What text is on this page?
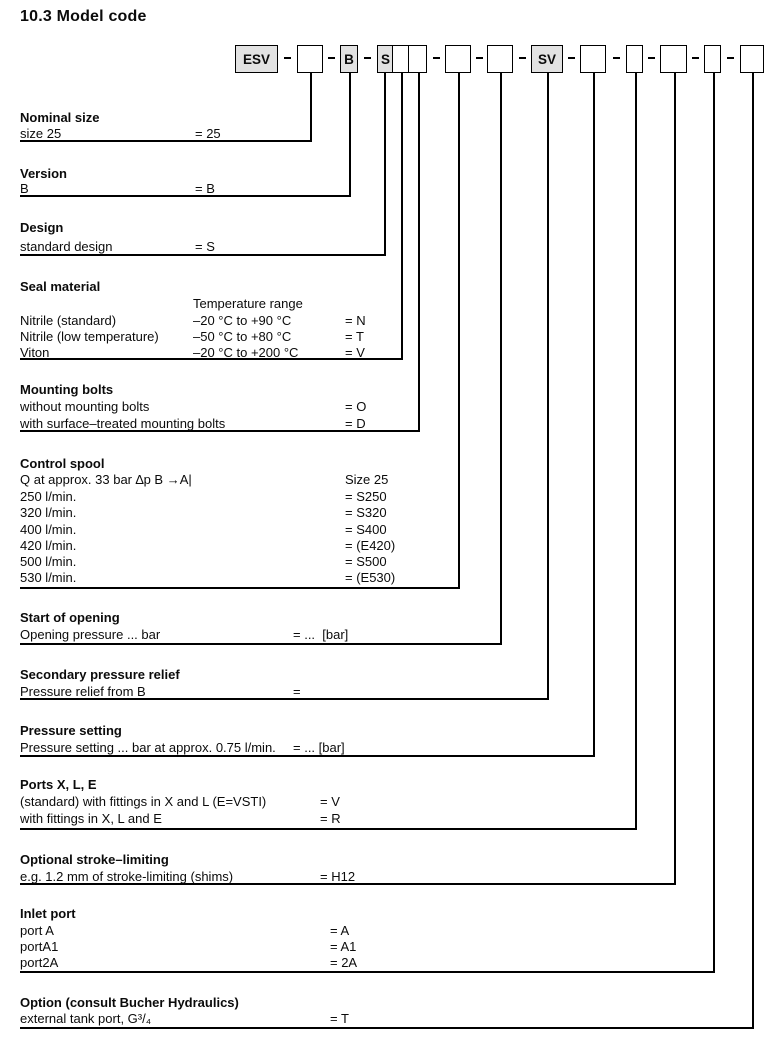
10.3 Model code
ESV	B	S	SV
Nominal size
size 25	= 25
Version
B	= B
Design
standard design	= S
Seal material
Temperature range
Nitrile (standard)	–20 °C to +90 °C	= N
Nitrile (low temperature)	–50 °C to +80 °C	= T
Viton	–20 °C to +200 °C	= V
Mounting bolts
without mounting bolts	= O
with surface–treated mounting bolts	= D
Control spool
Q at approx. 33 bar ∆p B →A|	Size 25
250 l/min.	= S250
320 l/min.	= S320
400 l/min.	= S400
420 l/min.	= (E420)
500 l/min.	= S500
530 l/min.	= (E530)
Start of opening
Opening pressure ... bar	= ...  [bar]
Secondary pressure relief
Pressure relief from B	=
Pressure setting
Pressure setting ... bar at approx. 0.75 l/min. = ... [bar]
Ports X, L, E
(standard) with fittings in X and L (E=VSTI)	= V
with fittings in X, L and E	= R
Optional stroke–limiting
e.g. 1.2 mm of stroke-limiting (shims)	= H12
Inlet port
port A	= A
portA1	= A1
port2A	= 2A
Option (consult Bucher Hydraulics)
external tank port, G³/₄	= T
